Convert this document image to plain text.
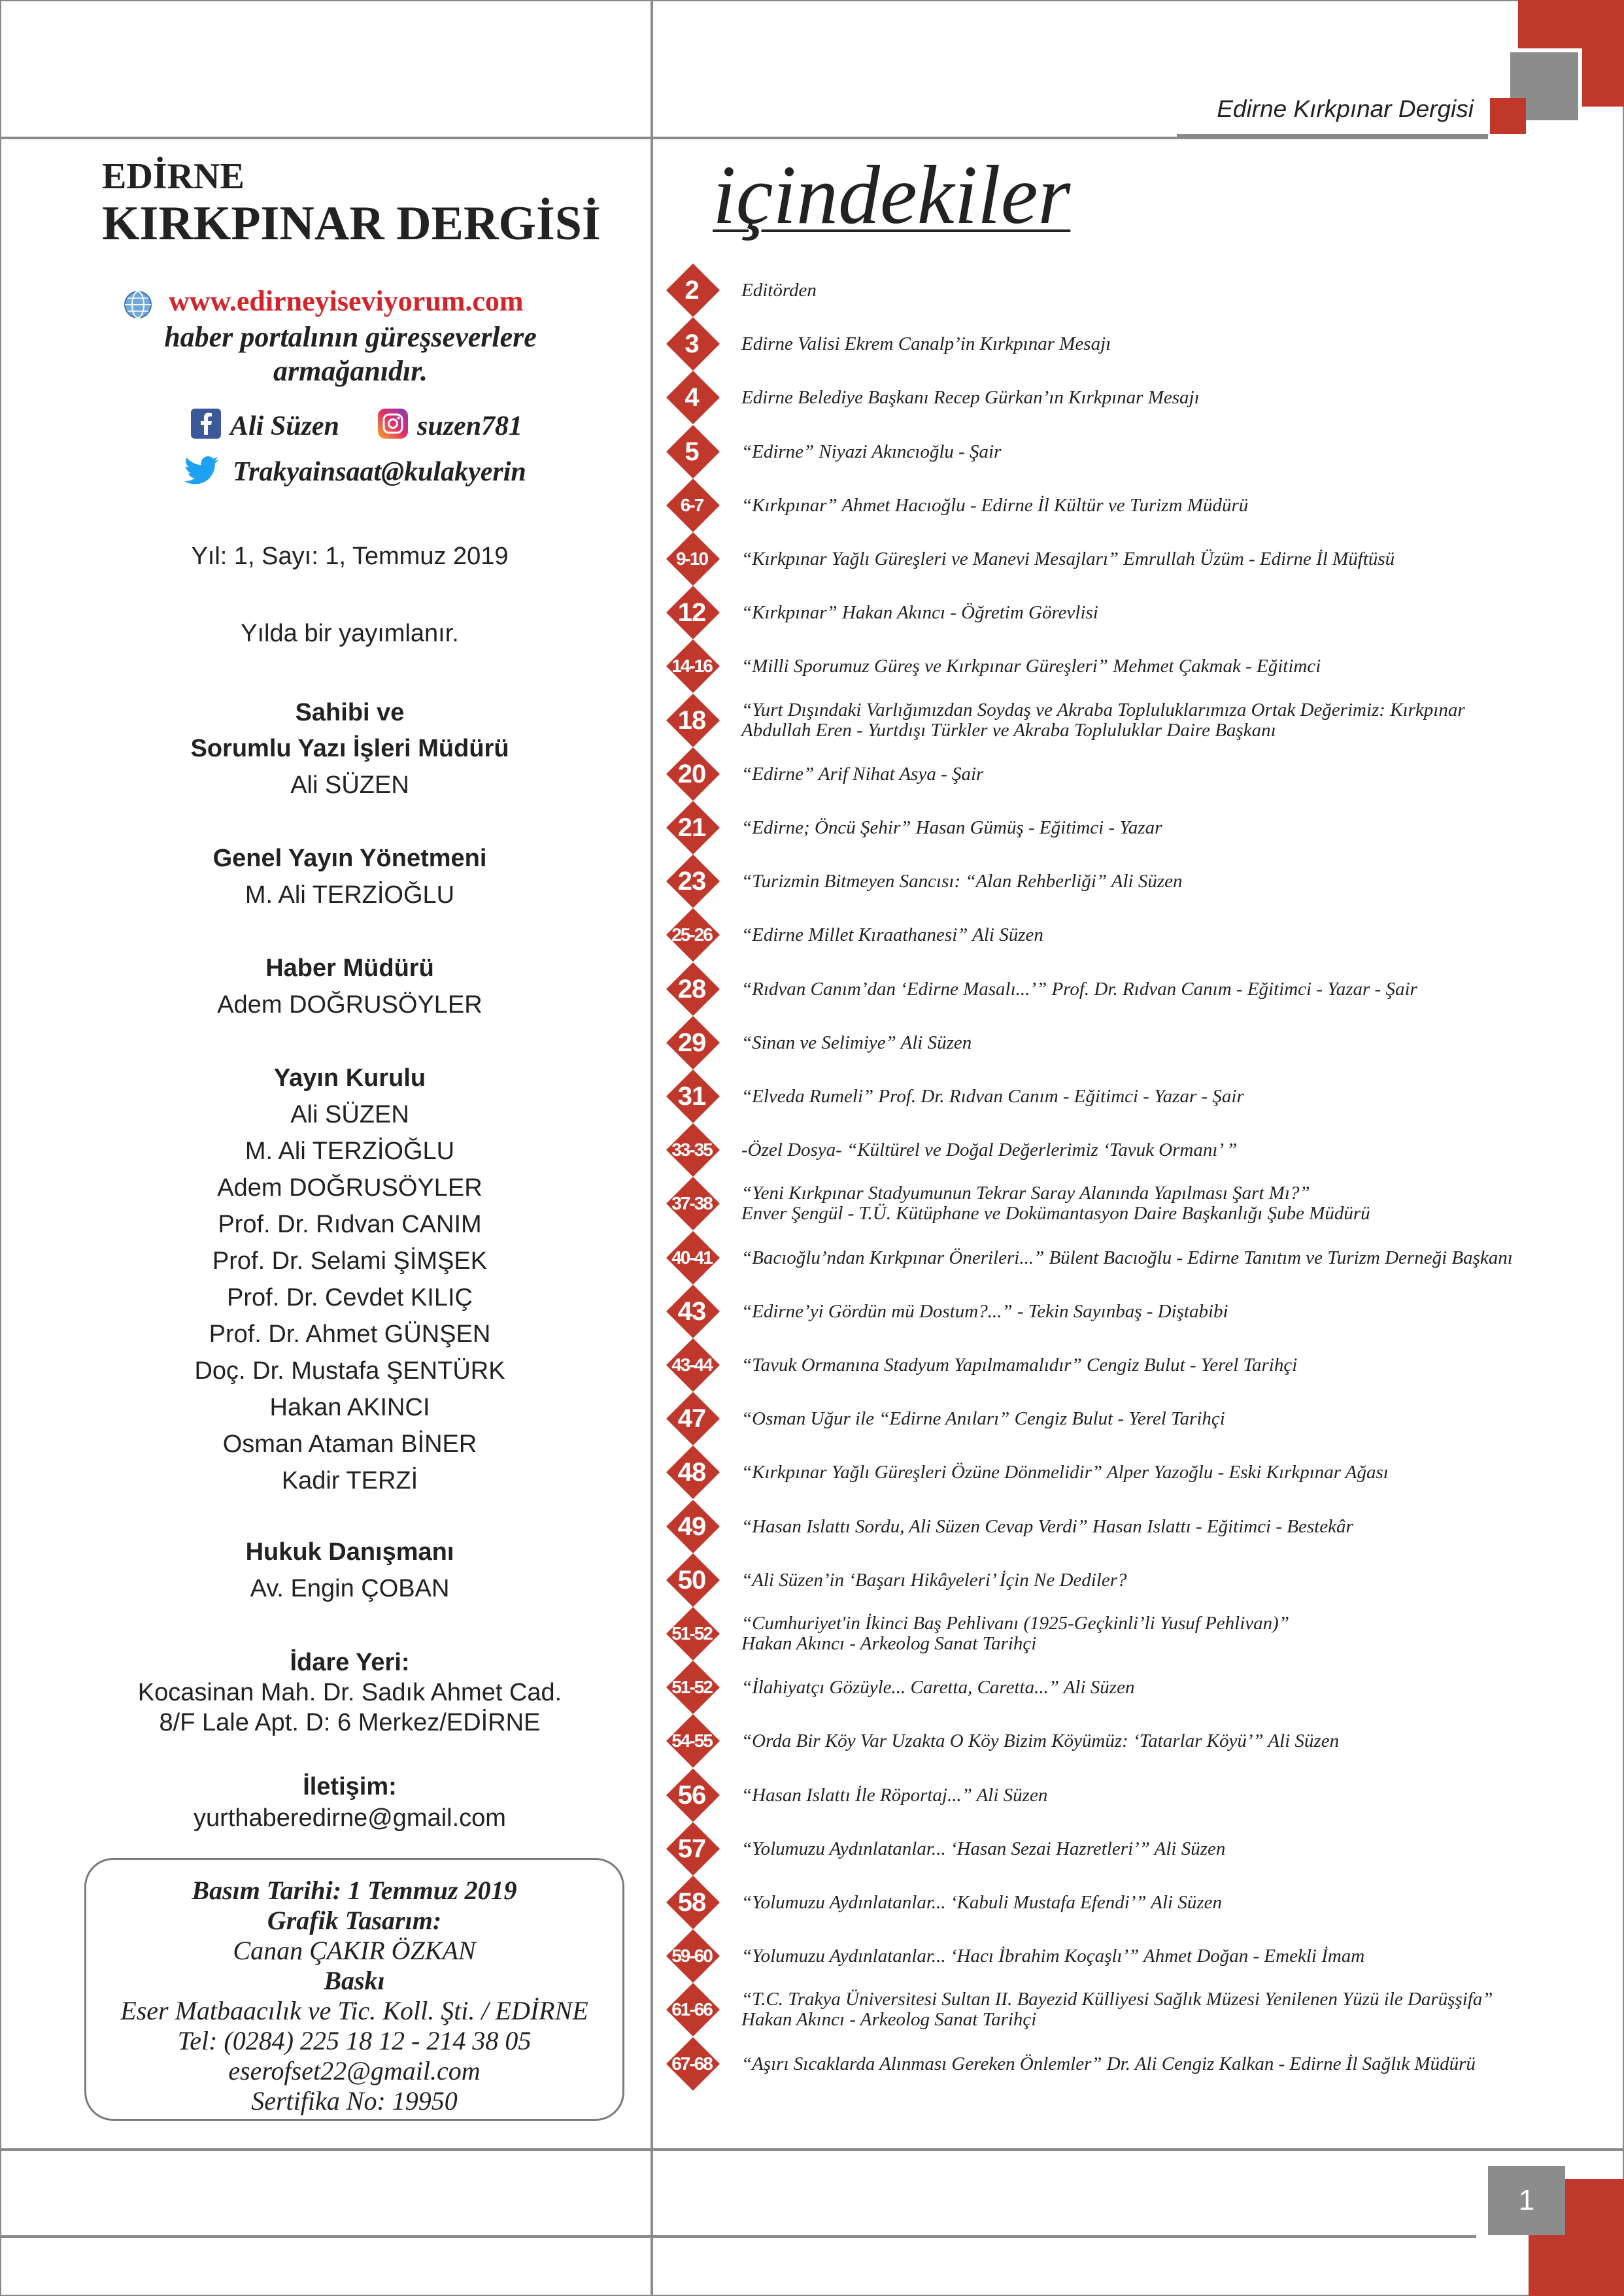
Edirne Kırkpınar Dergisi
1
EDİRNE
KIRKPINAR DERGİSİ
www.edirneyiseviyorum.com
haber portalının güreşseverlere
armağanıdır.
Ali Süzen	suzen781
Trakyainsaat@kulakyerin
Yıl: 1, Sayı: 1, Temmuz 2019
Yılda bir yayımlanır.
Sahibi ve
Sorumlu Yazı İşleri Müdürü
Ali SÜZEN
Genel Yayın Yönetmeni
M. Ali TERZİOĞLU
Haber Müdürü
Adem DOĞRUSÖYLER
Yayın Kurulu
Ali SÜZEN
M. Ali TERZİOĞLU
Adem DOĞRUSÖYLER
Prof. Dr. Rıdvan CANIM
Prof. Dr. Selami ŞİMŞEK
Prof. Dr. Cevdet KILIÇ
Prof. Dr. Ahmet GÜNŞEN
Doç. Dr. Mustafa ŞENTÜRK
Hakan AKINCI
Osman Ataman BİNER
Kadir TERZİ
Hukuk Danışmanı
Av. Engin ÇOBAN
İdare Yeri:
Kocasinan Mah. Dr. Sadık Ahmet Cad.
8/F Lale Apt. D: 6 Merkez/EDİRNE
İletişim:
yurthaberedirne@gmail.com
Basım Tarihi: 1 Temmuz 2019
Grafik Tasarım:
Canan ÇAKIR ÖZKAN
Baskı
Eser Matbaacılık ve Tic. Koll. Şti. / EDİRNE
Tel: (0284) 225 18 12 - 214 38 05
eserofset22@gmail.com
Sertifika No: 19950
içindekiler
2	Editörden
3	Edirne Valisi Ekrem Canalp’in Kırkpınar Mesajı
4	Edirne Belediye Başkanı Recep Gürkan’ın Kırkpınar Mesajı
5	“Edirne” Niyazi Akıncıoğlu - Şair
6-7	“Kırkpınar” Ahmet Hacıoğlu - Edirne İl Kültür ve Turizm Müdürü
9-10	“Kırkpınar Yağlı Güreşleri ve Manevi Mesajları” Emrullah Üzüm - Edirne İl Müftüsü
12	“Kırkpınar” Hakan Akıncı - Öğretim Görevlisi
14-16	“Milli Sporumuz Güreş ve Kırkpınar Güreşleri” Mehmet Çakmak - Eğitimci
18	“Yurt Dışındaki Varlığımızdan Soydaş ve Akraba Topluluklarımıza Ortak Değerimiz: Kırkpınar
Abdullah Eren - Yurtdışı Türkler ve Akraba Topluluklar Daire Başkanı
20	“Edirne” Arif Nihat Asya - Şair
21	“Edirne; Öncü Şehir” Hasan Gümüş - Eğitimci - Yazar
23	“Turizmin Bitmeyen Sancısı: “Alan Rehberliği” Ali Süzen
25-26	“Edirne Millet Kıraathanesi” Ali Süzen
28	“Rıdvan Canım’dan ‘Edirne Masalı...’” Prof. Dr. Rıdvan Canım - Eğitimci - Yazar - Şair
29	“Sinan ve Selimiye” Ali Süzen
31	“Elveda Rumeli” Prof. Dr. Rıdvan Canım - Eğitimci - Yazar - Şair
33-35	-Özel Dosya- “Kültürel ve Doğal Değerlerimiz ‘Tavuk Ormanı’ ”
37-38	“Yeni Kırkpınar Stadyumunun Tekrar Saray Alanında Yapılması Şart Mı?”
Enver Şengül - T.Ü. Kütüphane ve Dokümantasyon Daire Başkanlığı Şube Müdürü
40-41	“Bacıoğlu’ndan Kırkpınar Önerileri...” Bülent Bacıoğlu - Edirne Tanıtım ve Turizm Derneği Başkanı
43	“Edirne’yi Gördün mü Dostum?...” - Tekin Sayınbaş - Diştabibi
43-44	“Tavuk Ormanına Stadyum Yapılmamalıdır” Cengiz Bulut - Yerel Tarihçi
47	“Osman Uğur ile “Edirne Anıları” Cengiz Bulut - Yerel Tarihçi
48	“Kırkpınar Yağlı Güreşleri Özüne Dönmelidir” Alper Yazoğlu - Eski Kırkpınar Ağası
49	“Hasan Islattı Sordu, Ali Süzen Cevap Verdi” Hasan Islattı - Eğitimci - Bestekâr
50	“Ali Süzen’in ‘Başarı Hikâyeleri’ İçin Ne Dediler?
51-52	“Cumhuriyet'in İkinci Baş Pehlivanı (1925-Geçkinli’li Yusuf Pehlivan)”
Hakan Akıncı - Arkeolog Sanat Tarihçi
51-52	“İlahiyatçı Gözüyle... Caretta, Caretta...” Ali Süzen
54-55	“Orda Bir Köy Var Uzakta O Köy Bizim Köyümüz: ‘Tatarlar Köyü’” Ali Süzen
56	“Hasan Islattı İle Röportaj...” Ali Süzen
57	“Yolumuzu Aydınlatanlar... ‘Hasan Sezai Hazretleri’” Ali Süzen
58	“Yolumuzu Aydınlatanlar... ‘Kabuli Mustafa Efendi’” Ali Süzen
59-60	“Yolumuzu Aydınlatanlar... ‘Hacı İbrahim Koçaşlı’” Ahmet Doğan - Emekli İmam
61-66	“T.C. Trakya Üniversitesi Sultan II. Bayezid Külliyesi Sağlık Müzesi Yenilenen Yüzü ile Darüşşifa”
Hakan Akıncı - Arkeolog Sanat Tarihçi
67-68	“Aşırı Sıcaklarda Alınması Gereken Önlemler” Dr. Ali Cengiz Kalkan - Edirne İl Sağlık Müdürü
